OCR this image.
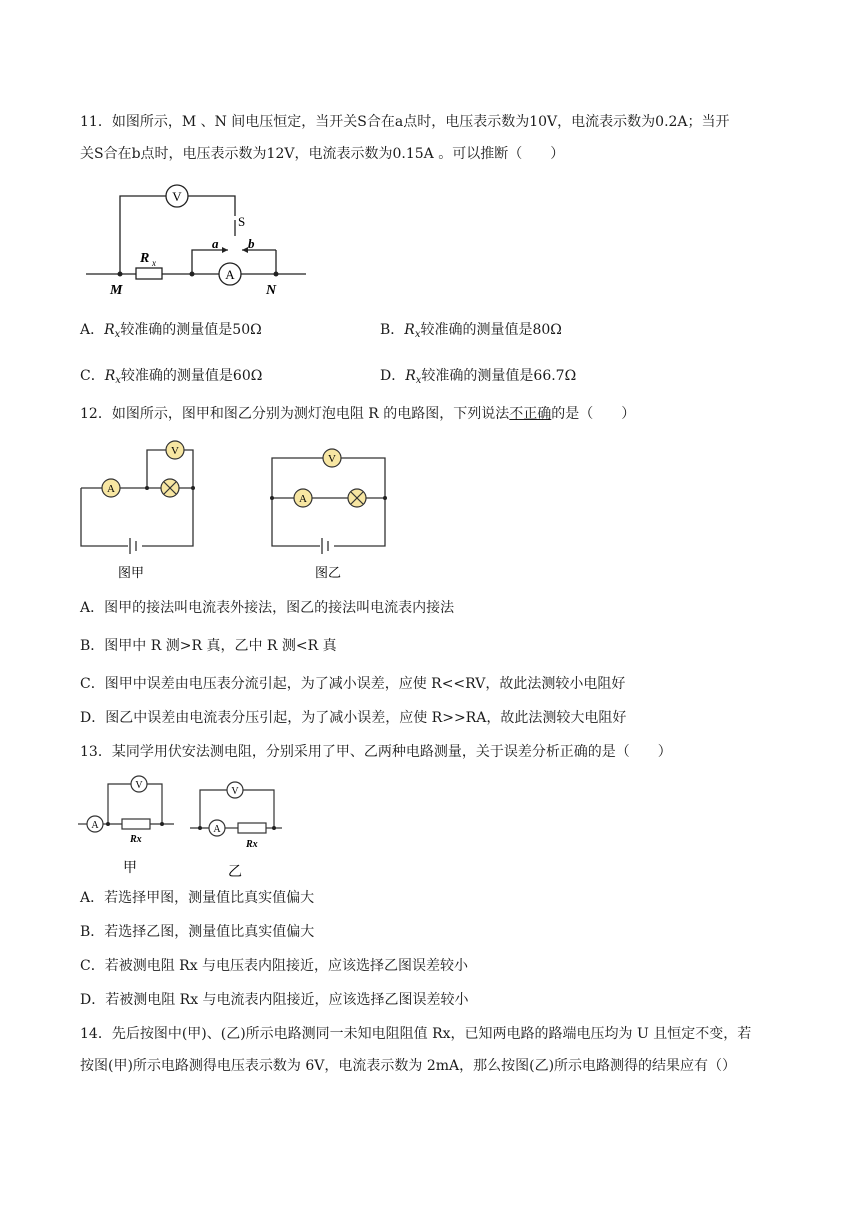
11．如图所示，M 、N 间电压恒定，当开关S合在a点时，电压表示数为10V，电流表示数为0.2A；当开
关S合在b点时，电压表示数为12V，电流表示数为0.15A 。可以推断（　　）
V
A
S
a b
R x
M	N
A．$R_x$较准确的测量值是50Ω	B．$R_x$较准确的测量值是80Ω
C．$R_x$较准确的测量值是60Ω	D．$R_x$较准确的测量值是66.7Ω
12．如图所示，图甲和图乙分别为测灯泡电阻 R 的电路图，下列说法不正确的是（　　）
A
V
图甲
V
A
图乙
A．图甲的接法叫电流表外接法，图乙的接法叫电流表内接法
B．图甲中 R 测>R 真，乙中 R 测<R 真
C．图甲中误差由电压表分流引起，为了减小误差，应使 R<<RV，故此法测较小电阻好
D．图乙中误差由电流表分压引起，为了减小误差，应使 R>>RA，故此法测较大电阻好
13．某同学用伏安法测电阻，分别采用了甲、乙两种电路测量，关于误差分析正确的是（　　）
A
V
Rx
甲
A
V
Rx
乙
A．若选择甲图，测量值比真实值偏大
B．若选择乙图，测量值比真实值偏大
C．若被测电阻 Rx 与电压表内阻接近，应该选择乙图误差较小
D．若被测电阻 Rx 与电流表内阻接近，应该选择乙图误差较小
14．先后按图中(甲)、(乙)所示电路测同一未知电阻阻值 Rx，已知两电路的路端电压均为 U 且恒定不变，若
按图(甲)所示电路测得电压表示数为 6V，电流表示数为 2mA，那么按图(乙)所示电路测得的结果应有（）
